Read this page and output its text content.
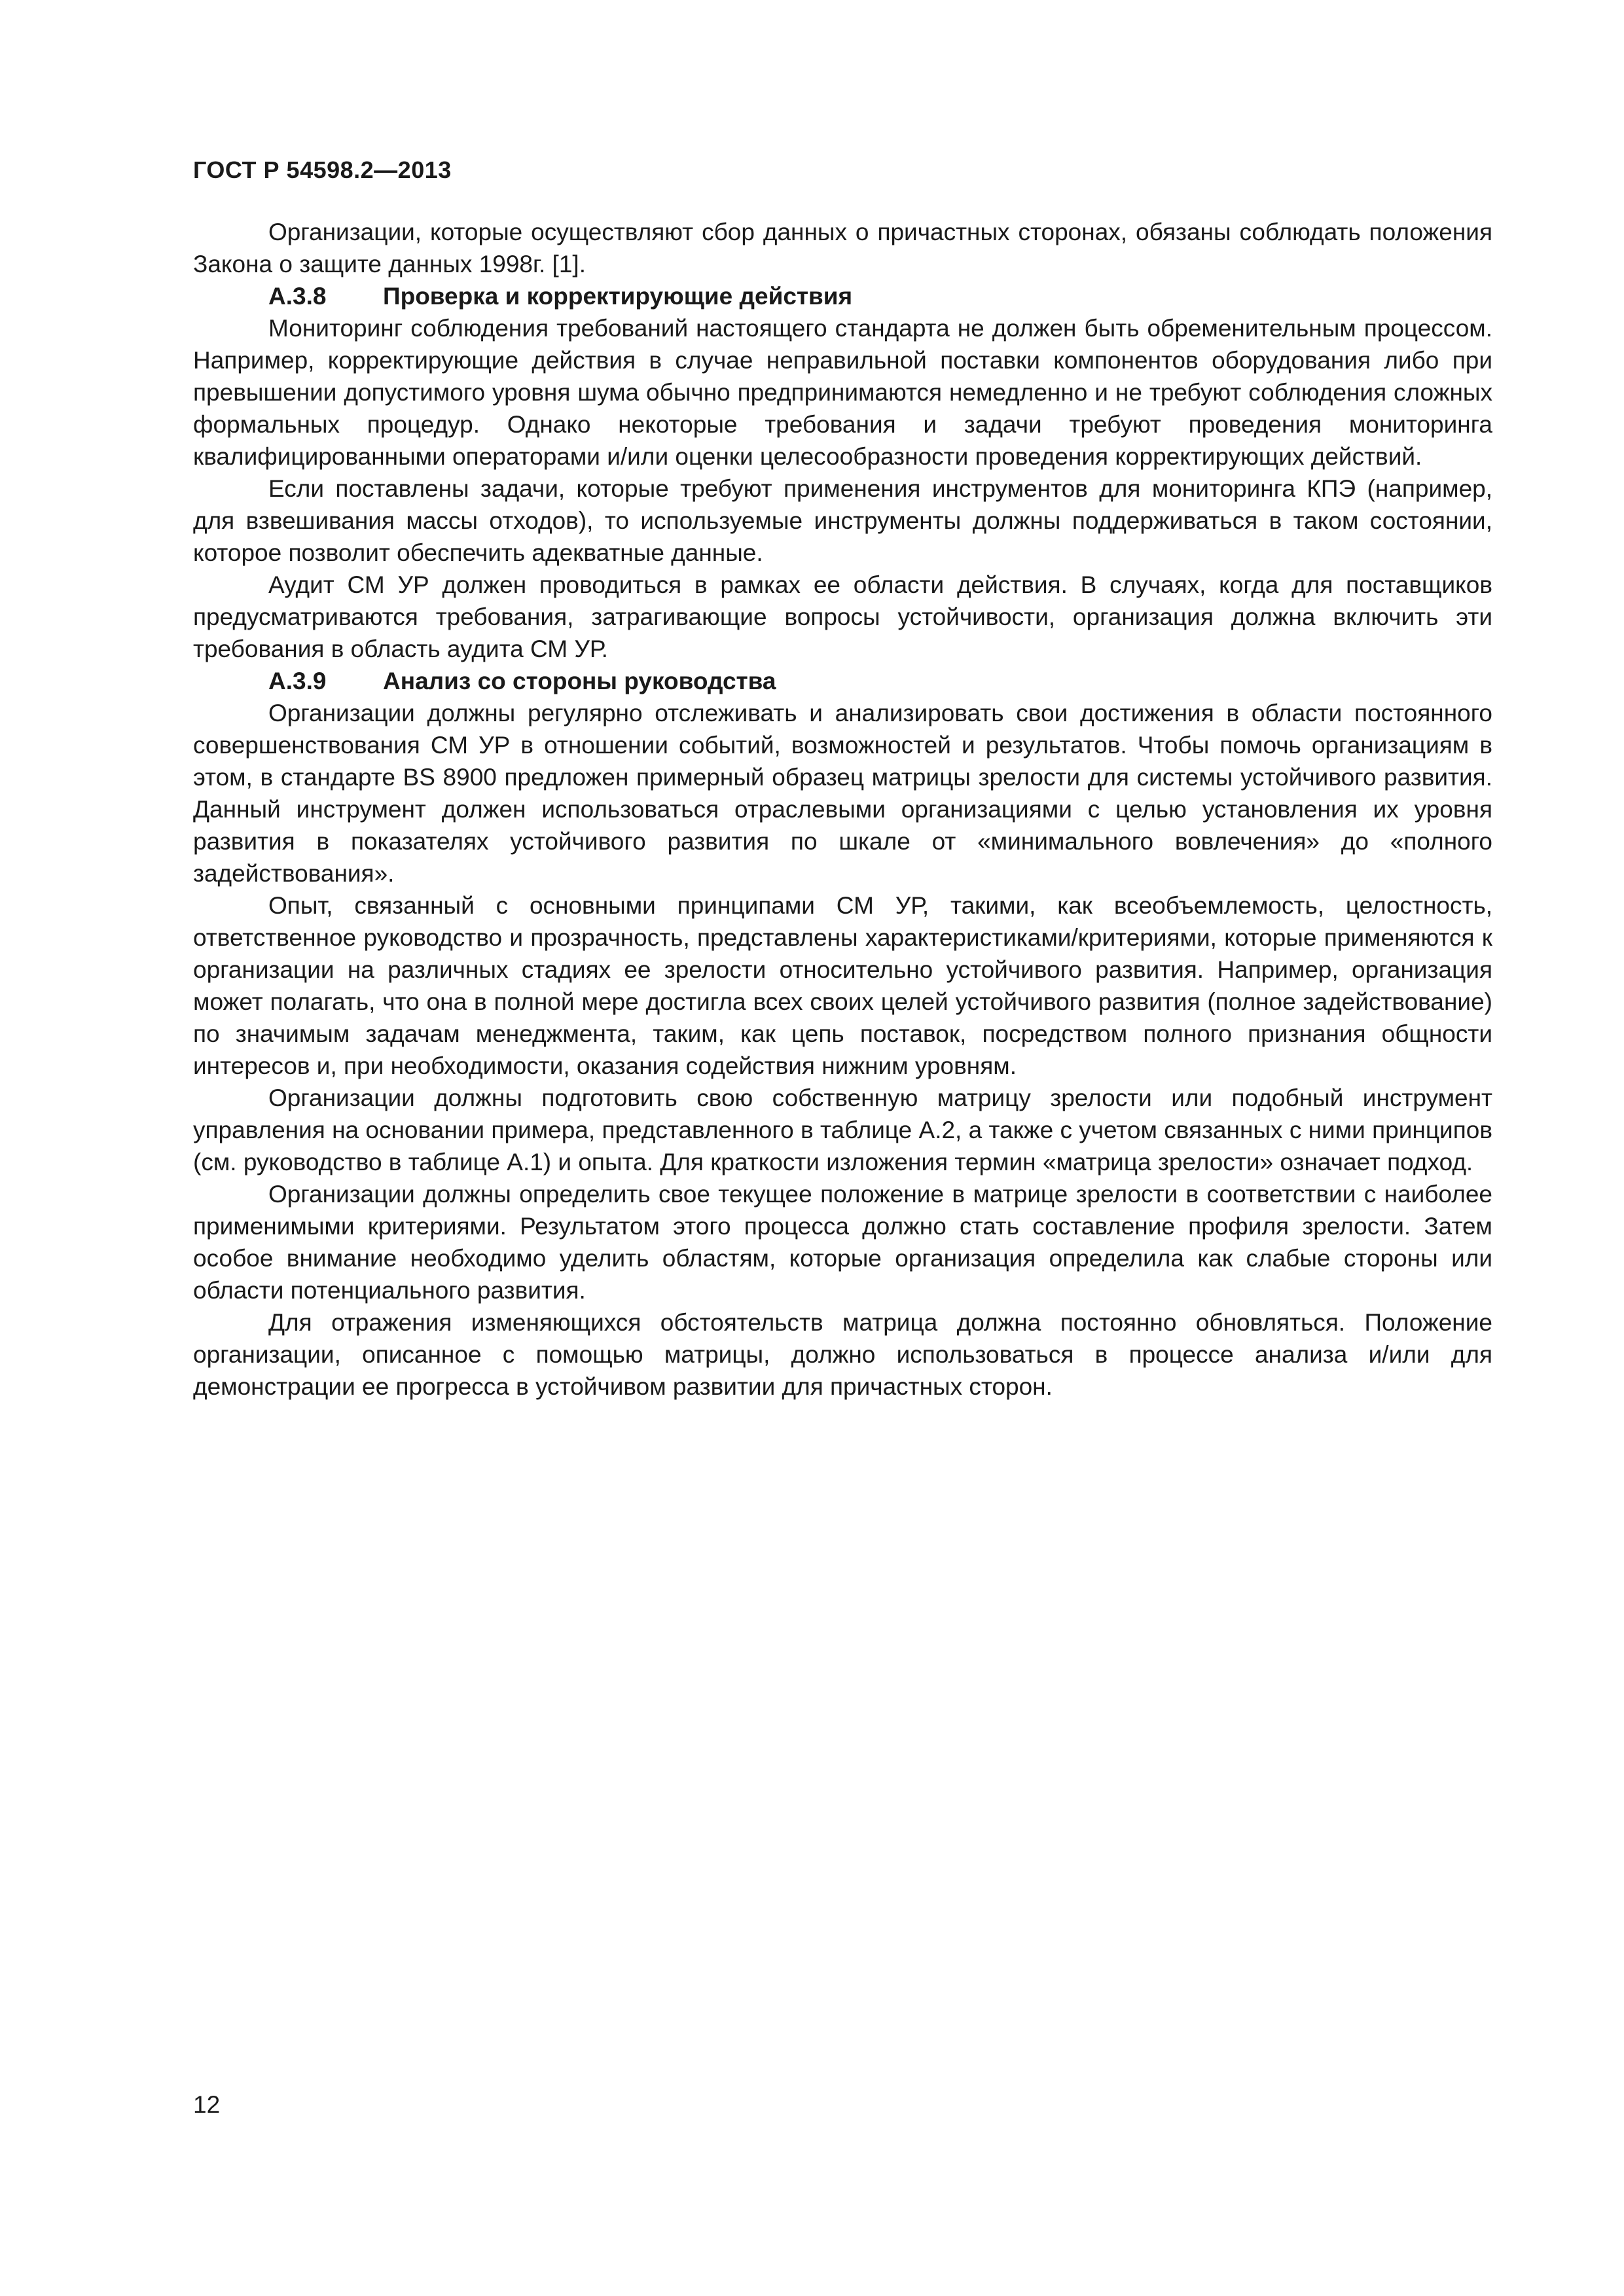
ГОСТ Р 54598.2—2013

Организации, которые осуществляют сбор данных о причастных сторонах, обязаны соблюдать положения Закона о защите данных 1998г. [1].

А.3.8 Проверка и корректирующие действия

Мониторинг соблюдения требований настоящего стандарта не должен быть обременительным процессом. Например, корректирующие действия в случае неправильной поставки компонентов оборудования либо при превышении допустимого уровня шума обычно предпринимаются немедленно и не требуют соблюдения сложных формальных процедур. Однако некоторые требования и задачи требуют проведения мониторинга квалифицированными операторами и/или оценки целесообразности проведения корректирующих действий.

Если поставлены задачи, которые требуют применения инструментов для мониторинга КПЭ (например, для взвешивания массы отходов), то используемые инструменты должны поддерживаться в таком состоянии, которое позволит обеспечить адекватные данные.

Аудит СМ УР должен проводиться в рамках ее области действия. В случаях, когда для поставщиков предусматриваются требования, затрагивающие вопросы устойчивости, организация должна включить эти требования в область аудита СМ УР.

А.3.9 Анализ со стороны руководства

Организации должны регулярно отслеживать и анализировать свои достижения в области постоянного совершенствования СМ УР в отношении событий, возможностей и результатов. Чтобы помочь организациям в этом, в стандарте BS 8900 предложен примерный образец матрицы зрелости для системы устойчивого развития. Данный инструмент должен использоваться отраслевыми организациями с целью установления их уровня развития в показателях устойчивого развития по шкале от «минимального вовлечения» до «полного задействования».

Опыт, связанный с основными принципами СМ УР, такими, как всеобъемлемость, целостность, ответственное руководство и прозрачность, представлены характеристиками/критериями, которые применяются к организации на различных стадиях ее зрелости относительно устойчивого развития. Например, организация может полагать, что она в полной мере достигла всех своих целей устойчивого развития (полное задействование) по значимым задачам менеджмента, таким, как цепь поставок, посредством полного признания общности интересов и, при необходимости, оказания содействия нижним уровням.

Организации должны подготовить свою собственную матрицу зрелости или подобный инструмент управления на основании примера, представленного в таблице А.2, а также с учетом связанных с ними принципов (см. руководство в таблице А.1) и опыта. Для краткости изложения термин «матрица зрелости» означает подход.

Организации должны определить свое текущее положение в матрице зрелости в соответствии с наиболее применимыми критериями. Результатом этого процесса должно стать составление профиля зрелости. Затем особое внимание необходимо уделить областям, которые организация определила как слабые стороны или области потенциального развития.

Для отражения изменяющихся обстоятельств матрица должна постоянно обновляться. Положение организации, описанное с помощью матрицы, должно использоваться в процессе анализа и/или для демонстрации ее прогресса в устойчивом развитии для причастных сторон.

12
